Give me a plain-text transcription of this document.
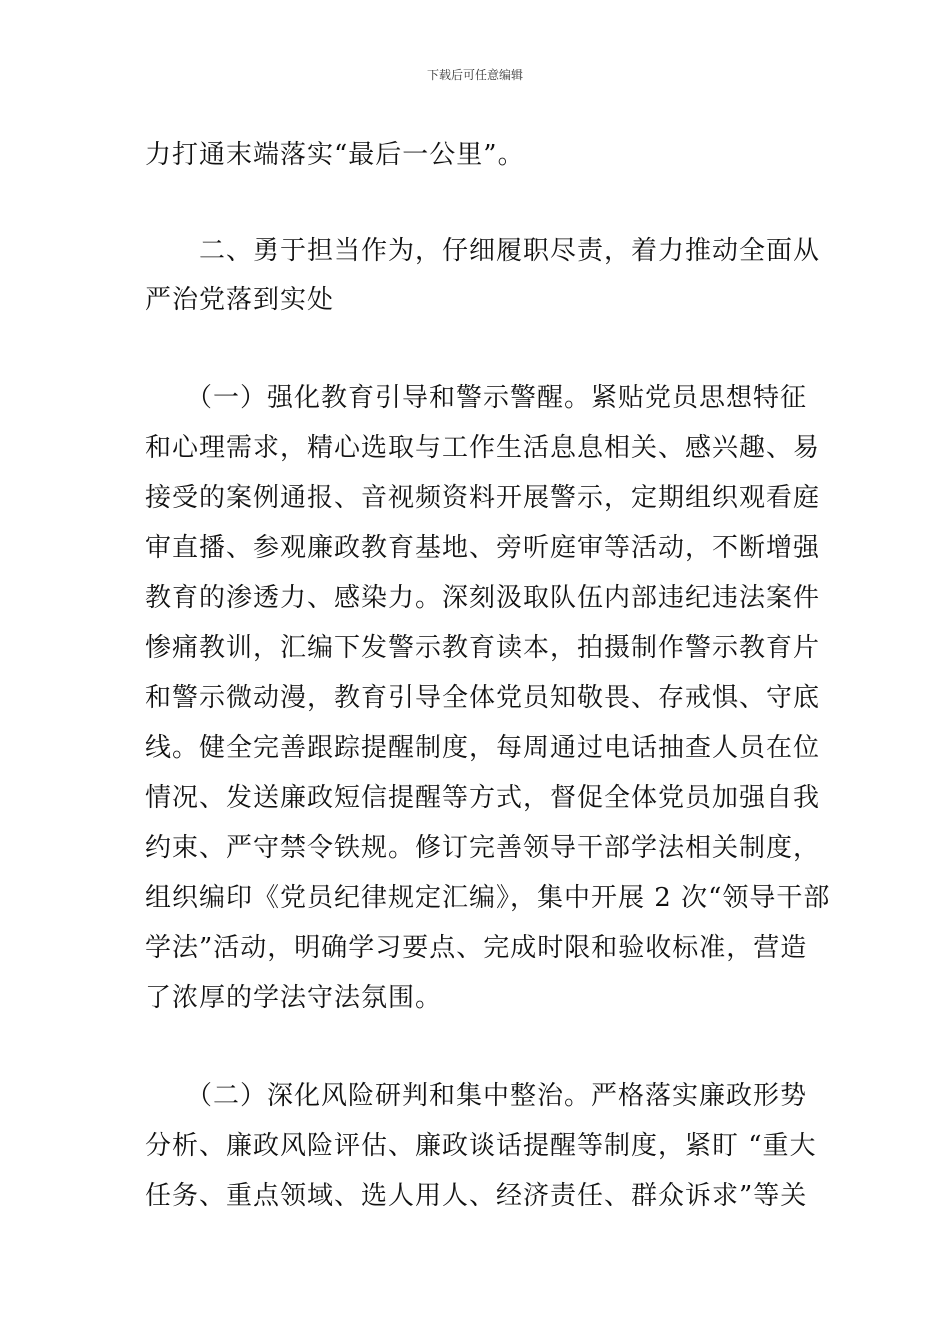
下载后可任意编辑
力打通末端落实“最后一公里”。
　　二、勇于担当作为，仔细履职尽责，着力推动全面从
严治党落到实处
　　（一）强化教育引导和警示警醒。紧贴党员思想特征
和心理需求，精心选取与工作生活息息相关、感兴趣、易
接受的案例通报、音视频资料开展警示，定期组织观看庭
审直播、参观廉政教育基地、旁听庭审等活动，不断增强
教育的渗透力、感染力。深刻汲取队伍内部违纪违法案件
惨痛教训，汇编下发警示教育读本，拍摄制作警示教育片
和警示微动漫，教育引导全体党员知敬畏、存戒惧、守底
线。健全完善跟踪提醒制度，每周通过电话抽查人员在位
情况、发送廉政短信提醒等方式，督促全体党员加强自我
约束、严守禁令铁规。修订完善领导干部学法相关制度，
组织编印《党员纪律规定汇编》，集中开展 2 次“领导干部
学法”活动，明确学习要点、完成时限和验收标准，营造
了浓厚的学法守法氛围。
　　（二）深化风险研判和集中整治。严格落实廉政形势
分析、廉政风险评估、廉政谈话提醒等制度，紧盯 “重大
任务、重点领域、选人用人、经济责任、群众诉求”等关
